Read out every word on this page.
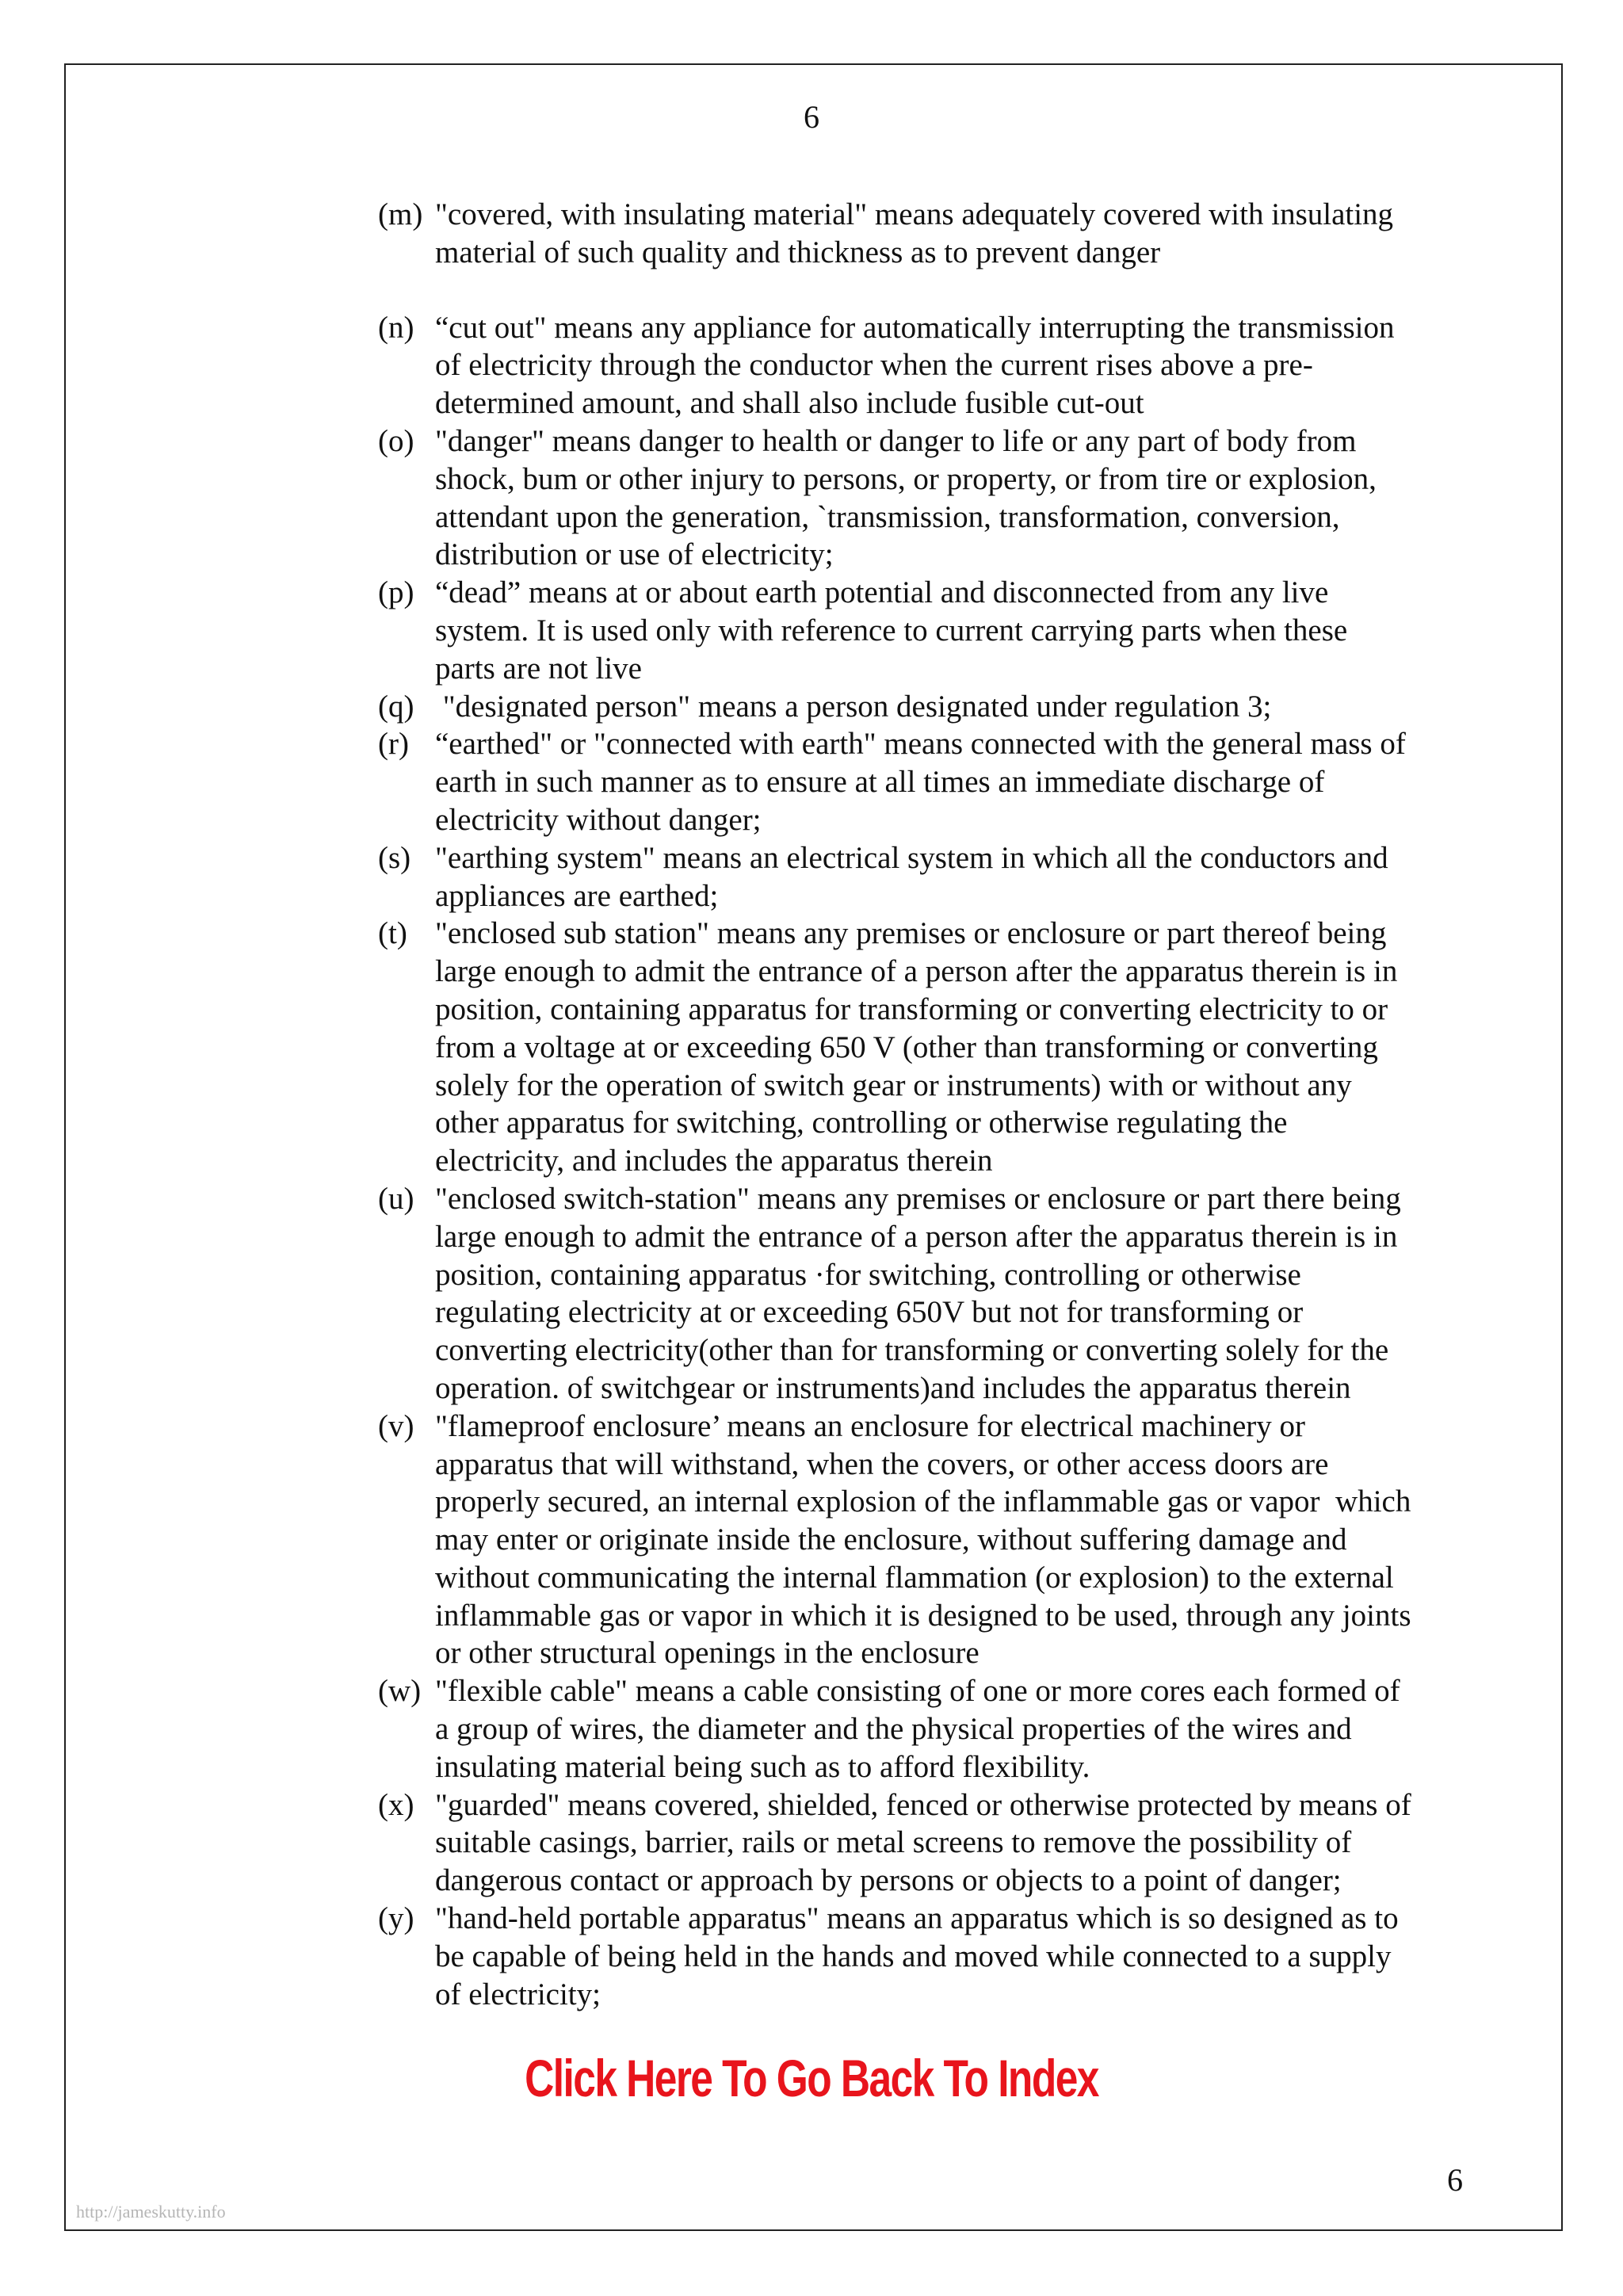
6
(m) "covered, with insulating material" means adequately covered with insulating
material of such quality and thickness as to prevent danger
(n) “cut out" means any appliance for automatically interrupting the transmission
of electricity through the conductor when the current rises above a pre-
determined amount, and shall also include fusible cut-out
(o) "danger" means danger to health or danger to life or any part of body from
shock, bum or other injury to persons, or property, or from tire or explosion,
attendant upon the generation, `transmission, transformation, conversion,
distribution or use of electricity;
(p) “dead” means at or about earth potential and disconnected from any live
system. It is used only with reference to current carrying parts when these
parts are not live
(q) "designated person" means a person designated under regulation 3;
(r) “earthed" or "connected with earth" means connected with the general mass of
earth in such manner as to ensure at all times an immediate discharge of
electricity without danger;
(s) "earthing system" means an electrical system in which all the conductors and
appliances are earthed;
(t) "enclosed sub station" means any premises or enclosure or part thereof being
large enough to admit the entrance of a person after the apparatus therein is in
position, containing apparatus for transforming or converting electricity to or
from a voltage at or exceeding 650 V (other than transforming or converting
solely for the operation of switch gear or instruments) with or without any
other apparatus for switching, controlling or otherwise regulating the
electricity, and includes the apparatus therein
(u) "enclosed switch-station" means any premises or enclosure or part there being
large enough to admit the entrance of a person after the apparatus therein is in
position, containing apparatus ·for switching, controlling or otherwise
regulating electricity at or exceeding 650V but not for transforming or
converting electricity(other than for transforming or converting solely for the
operation. of switchgear or instruments)and includes the apparatus therein
(v) "flameproof enclosure’ means an enclosure for electrical machinery or
apparatus that will withstand, when the covers, or other access doors are
properly secured, an internal explosion of the inflammable gas or vapor  which
may enter or originate inside the enclosure, without suffering damage and
without communicating the internal flammation (or explosion) to the external
inflammable gas or vapor in which it is designed to be used, through any joints
or other structural openings in the enclosure
(w) "flexible cable" means a cable consisting of one or more cores each formed of
a group of wires, the diameter and the physical properties of the wires and
insulating material being such as to afford flexibility.
(x) "guarded" means covered, shielded, fenced or otherwise protected by means of
suitable casings, barrier, rails or metal screens to remove the possibility of
dangerous contact or approach by persons or objects to a point of danger;
(y) "hand-held portable apparatus" means an apparatus which is so designed as to
be capable of being held in the hands and moved while connected to a supply
of electricity;
Click Here To Go Back To Index
6
http://jameskutty.info
